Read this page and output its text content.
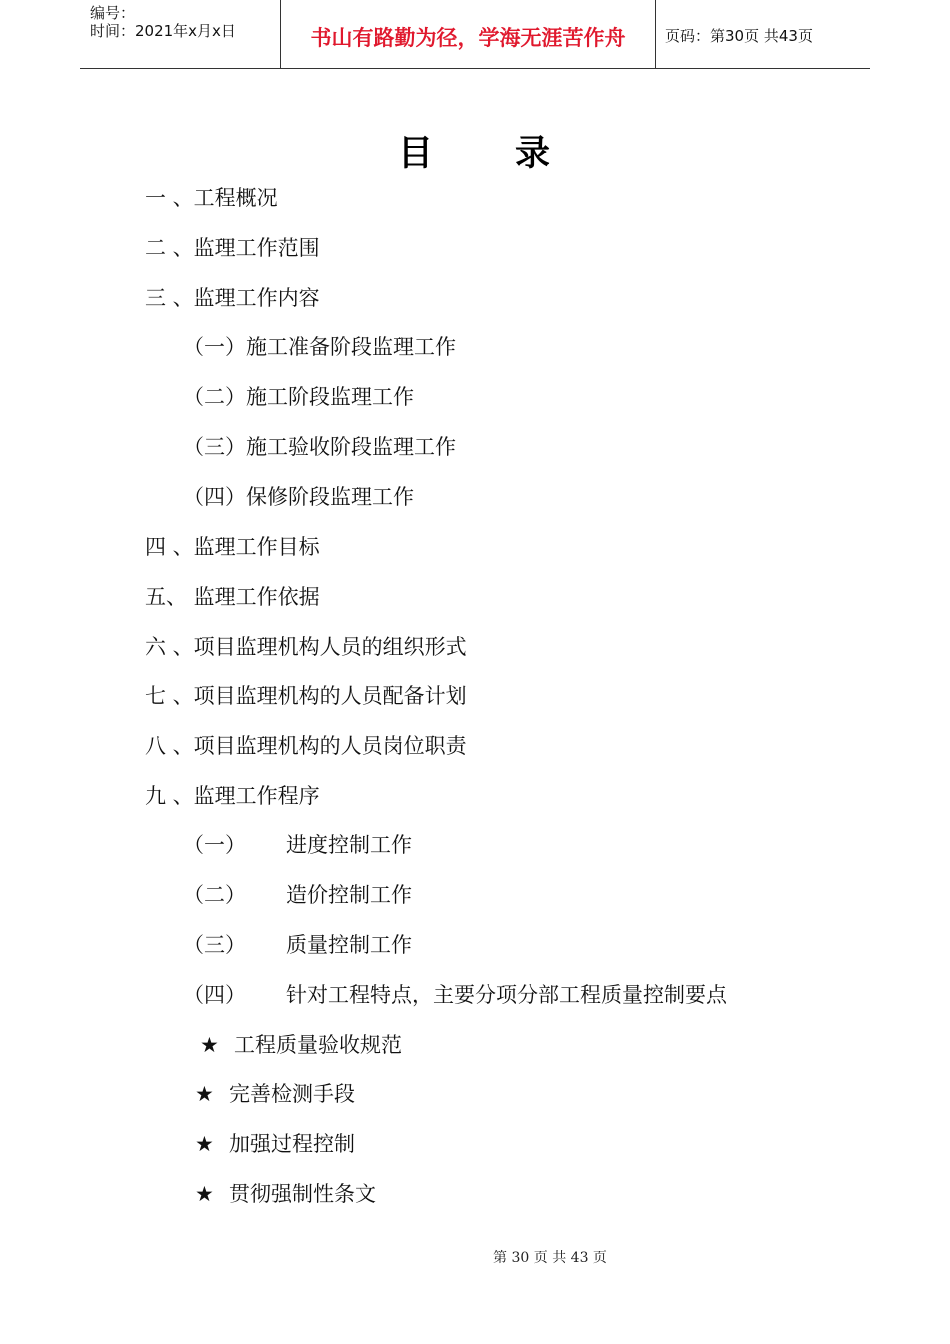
编号：
时间：2021年x月x日	书山有路勤为径，学海无涯苦作舟	页码：第30页 共43页
目录
一 、工程概况
二 、监理工作范围
三 、监理工作内容
（一）施工准备阶段监理工作
（二）施工阶段监理工作
（三）施工验收阶段监理工作
（四）保修阶段监理工作
四 、监理工作目标
五、 监理工作依据
六 、项目监理机构人员的组织形式
七 、项目监理机构的人员配备计划
八 、项目监理机构的人员岗位职责
九 、监理工作程序
（一） 进度控制工作
（二） 造价控制工作
（三） 质量控制工作
（四） 针对工程特点，主要分项分部工程质量控制要点
★ 工程质量验收规范
★ 完善检测手段
★ 加强过程控制
★ 贯彻强制性条文
第 30 页 共 43 页
